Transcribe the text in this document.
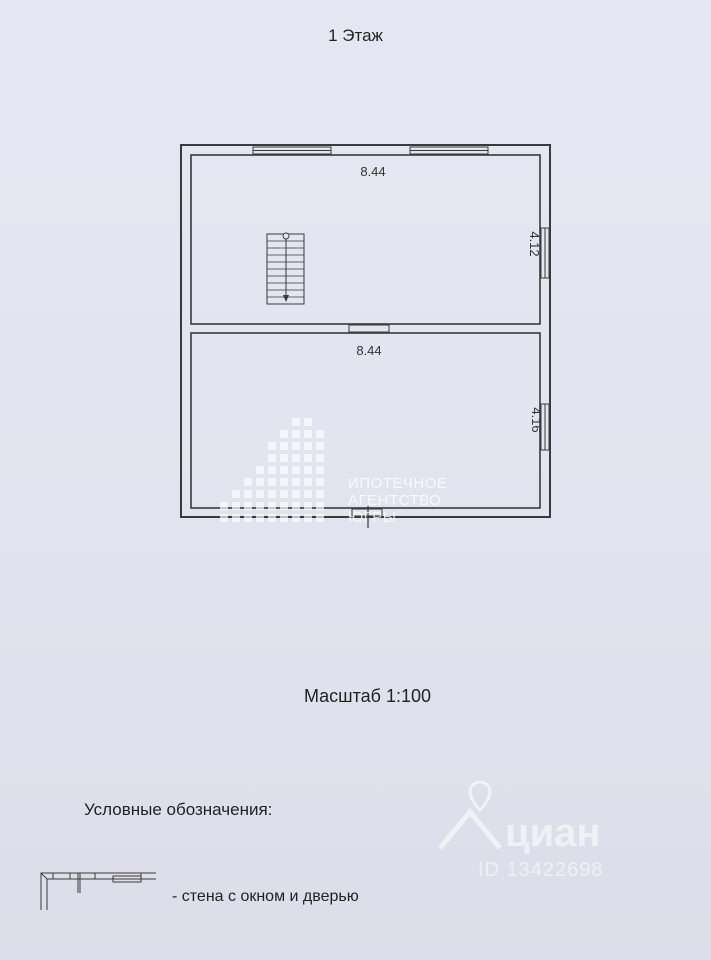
1 Этаж
8.44
4.12
8.44
4.16
ИПОТЕЧНОЕ
АГЕНТСТВО
ЮГРЫ
циан
ID 13422698
Масштаб 1:100
Условные обозначения:
- стена с окном и дверью
